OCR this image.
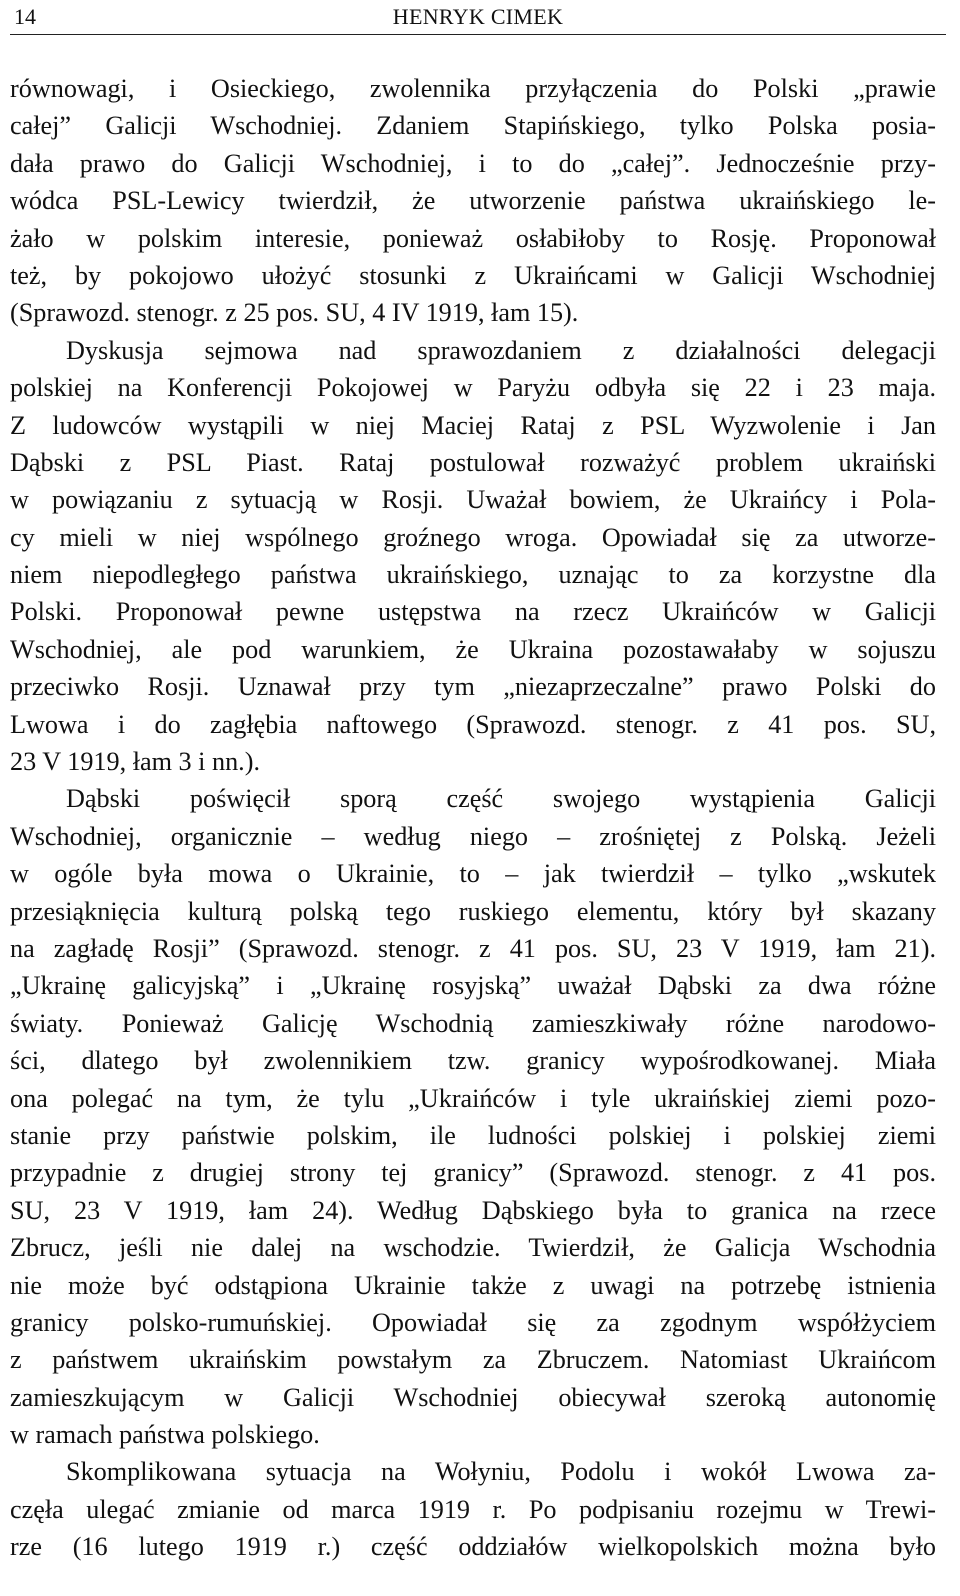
14	HENRYK CIMEK
równowagi, i Osieckiego, zwolennika przyłączenia do Polski „prawie
całej” Galicji Wschodniej. Zdaniem Stapińskiego, tylko Polska posia-
dała prawo do Galicji Wschodniej, i to do „całej”. Jednocześnie przy-
wódca PSL-Lewicy twierdził, że utworzenie państwa ukraińskiego le-
żało w polskim interesie, ponieważ osłabiłoby to Rosję. Proponował
też, by pokojowo ułożyć stosunki z Ukraińcami w Galicji Wschodniej
(Sprawozd. stenogr. z 25 pos. SU, 4 IV 1919, łam 15).
Dyskusja sejmowa nad sprawozdaniem z działalności delegacji
polskiej na Konferencji Pokojowej w Paryżu odbyła się 22 i 23 maja.
Z ludowców wystąpili w niej Maciej Rataj z PSL Wyzwolenie i Jan
Dąbski z PSL Piast. Rataj postulował rozważyć problem ukraiński
w powiązaniu z sytuacją w Rosji. Uważał bowiem, że Ukraińcy i Pola-
cy mieli w niej wspólnego groźnego wroga. Opowiadał się za utworze-
niem niepodległego państwa ukraińskiego, uznając to za korzystne dla
Polski. Proponował pewne ustępstwa na rzecz Ukraińców w Galicji
Wschodniej, ale pod warunkiem, że Ukraina pozostawałaby w sojuszu
przeciwko Rosji. Uznawał przy tym „niezaprzeczalne” prawo Polski do
Lwowa i do zagłębia naftowego (Sprawozd. stenogr. z 41 pos. SU,
23 V 1919, łam 3 i nn.).
Dąbski poświęcił sporą część swojego wystąpienia Galicji
Wschodniej, organicznie – według niego – zrośniętej z Polską. Jeżeli
w ogóle była mowa o Ukrainie, to – jak twierdził – tylko „wskutek
przesiąknięcia kulturą polską tego ruskiego elementu, który był skazany
na zagładę Rosji” (Sprawozd. stenogr. z 41 pos. SU, 23 V 1919, łam 21).
„Ukrainę galicyjską” i „Ukrainę rosyjską” uważał Dąbski za dwa różne
światy. Ponieważ Galicję Wschodnią zamieszkiwały różne narodowo-
ści, dlatego był zwolennikiem tzw. granicy wypośrodkowanej. Miała
ona polegać na tym, że tylu „Ukraińców i tyle ukraińskiej ziemi pozo-
stanie przy państwie polskim, ile ludności polskiej i polskiej ziemi
przypadnie z drugiej strony tej granicy” (Sprawozd. stenogr. z 41 pos.
SU, 23 V 1919, łam 24). Według Dąbskiego była to granica na rzece
Zbrucz, jeśli nie dalej na wschodzie. Twierdził, że Galicja Wschodnia
nie może być odstąpiona Ukrainie także z uwagi na potrzebę istnienia
granicy polsko-rumuńskiej. Opowiadał się za zgodnym współżyciem
z państwem ukraińskim powstałym za Zbruczem. Natomiast Ukraińcom
zamieszkującym w Galicji Wschodniej obiecywał szeroką autonomię
w ramach państwa polskiego.
Skomplikowana sytuacja na Wołyniu, Podolu i wokół Lwowa za-
częła ulegać zmianie od marca 1919 r. Po podpisaniu rozejmu w Trewi-
rze (16 lutego 1919 r.) część oddziałów wielkopolskich można było
